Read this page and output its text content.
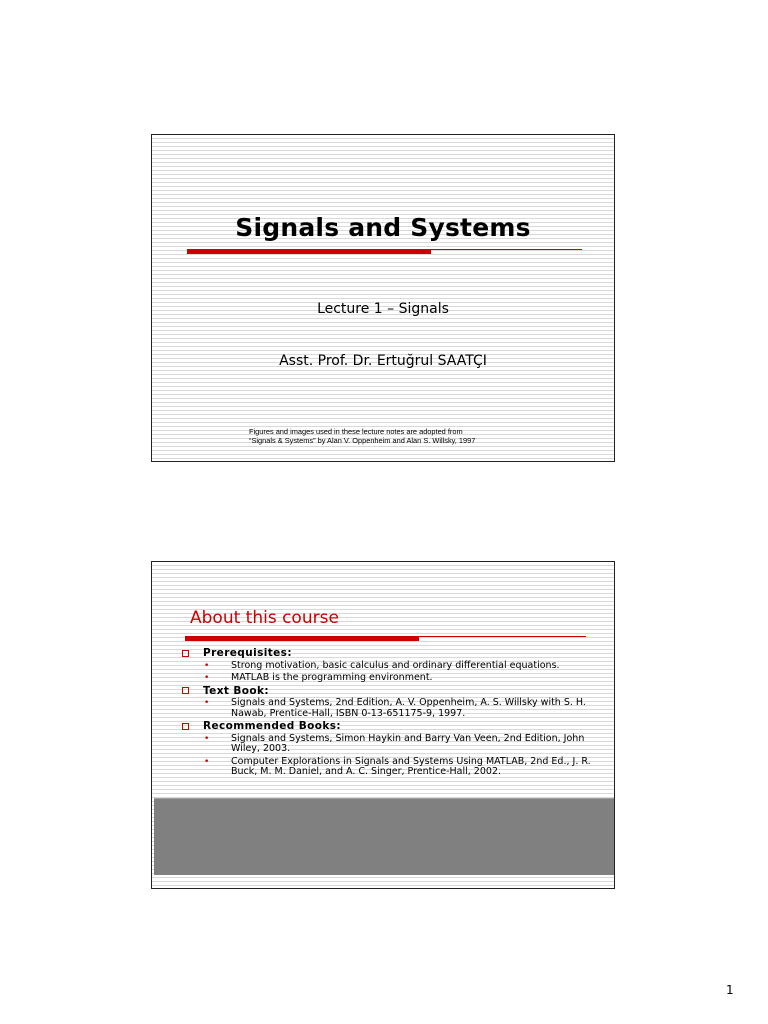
Signals and Systems
Lecture 1 – Signals
Asst. Prof. Dr. Ertuğrul SAATÇI
Figures and images used in these lecture notes are adopted from
“Signals & Systems” by Alan V. Oppenheim and Alan S. Willsky, 1997
About this course
Prerequisites:
•	Strong motivation, basic calculus and ordinary differential equations.
•	MATLAB is the programming environment.
Text Book:
•	Signals and Systems, 2nd Edition, A. V. Oppenheim, A. S. Willsky with S. H. Nawab, Prentice-Hall, ISBN 0-13-651175-9, 1997.
Recommended Books:
•	Signals and Systems, Simon Haykin and Barry Van Veen, 2nd Edition, John Wiley, 2003.
•	Computer Explorations in Signals and Systems Using MATLAB, 2nd Ed., J. R. Buck, M. M. Daniel, and A. C. Singer, Prentice-Hall, 2002.
1
